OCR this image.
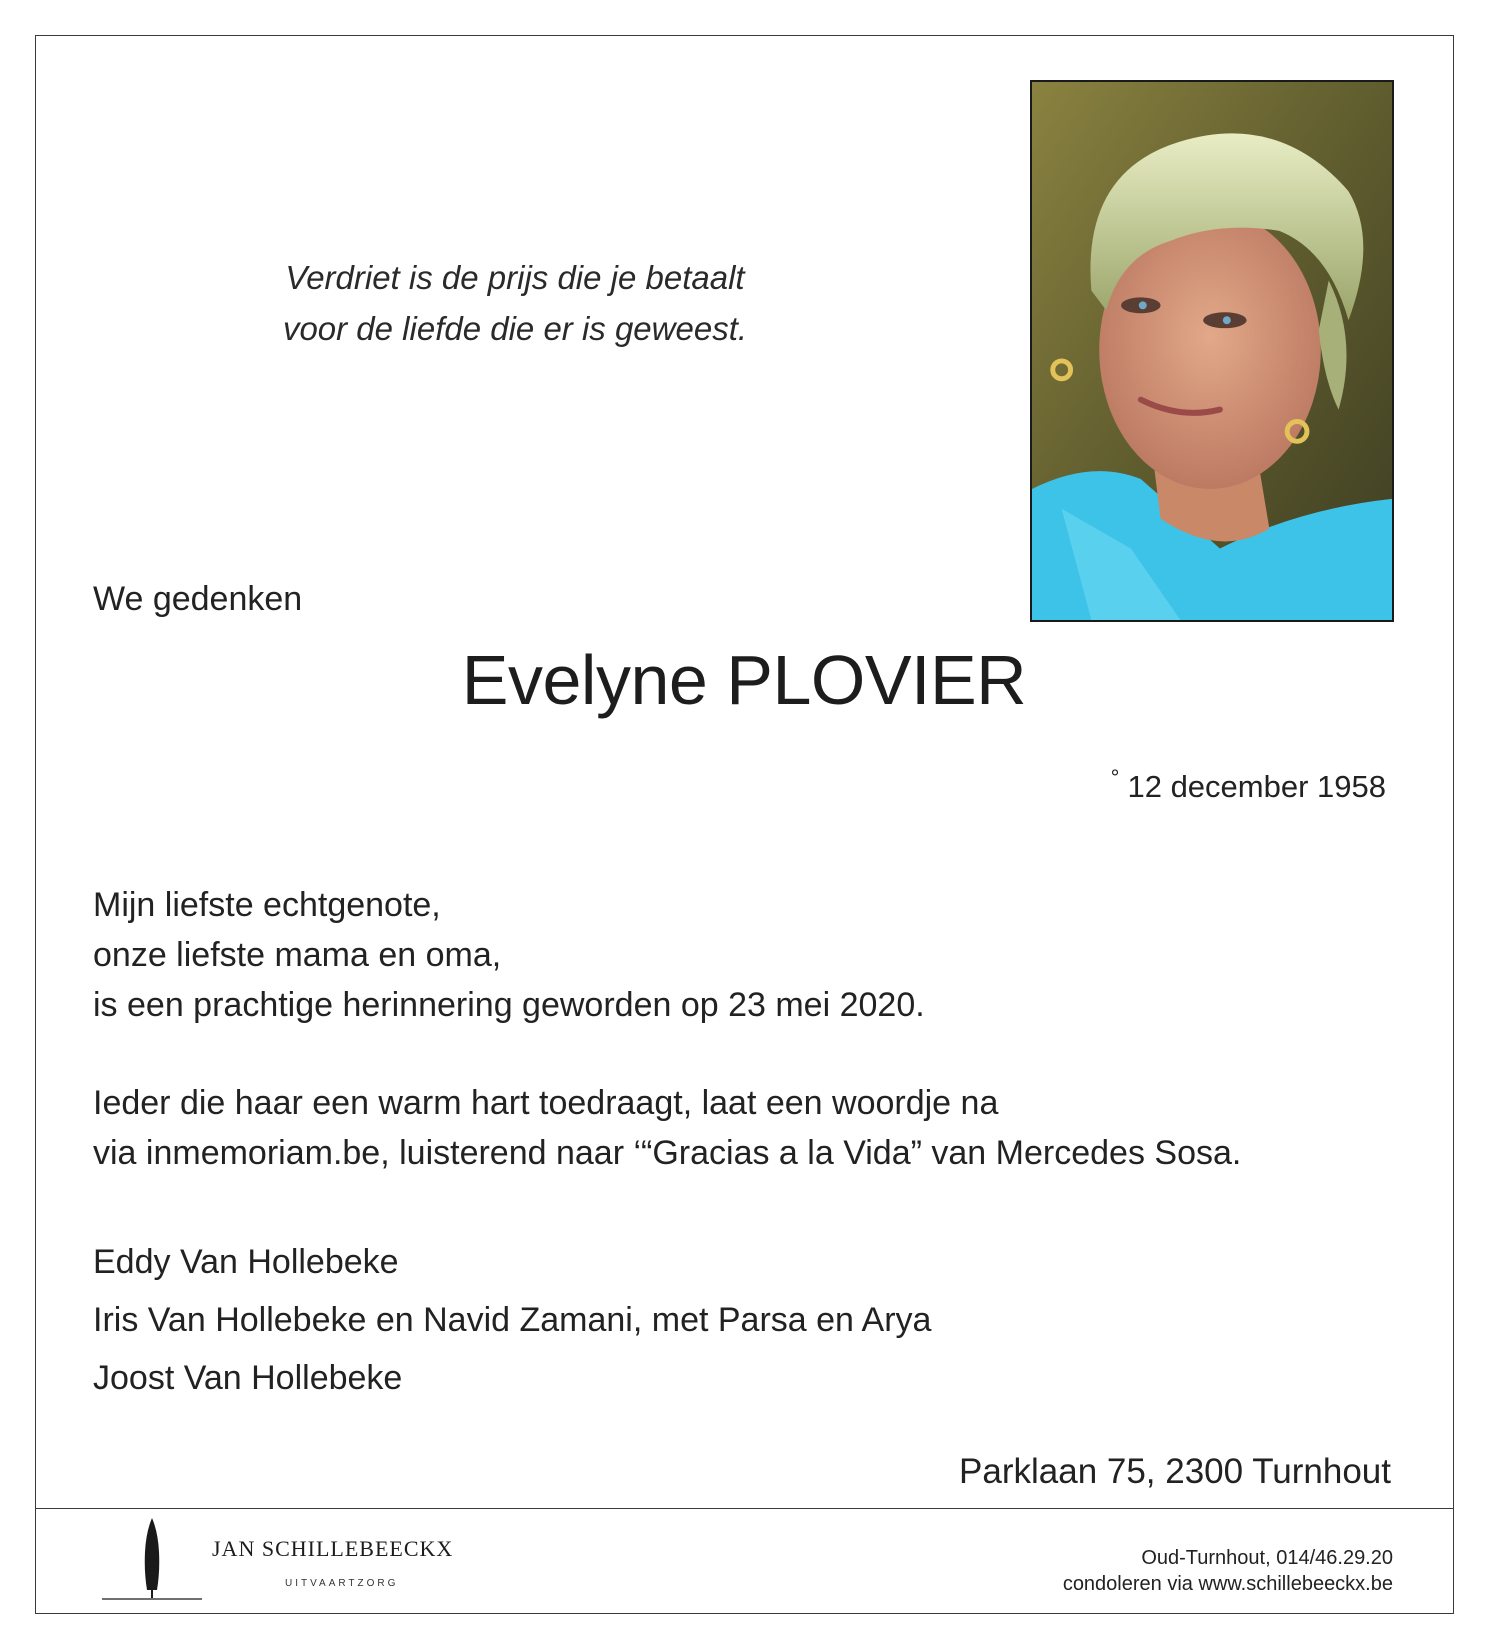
Verdriet is de prijs die je betaalt
voor de liefde die er is geweest.
We gedenken
Evelyne PLOVIER
° 12 december 1958
Mijn liefste echtgenote,
onze liefste mama en oma,
is een prachtige herinnering geworden op 23 mei 2020.
Ieder die haar een warm hart toedraagt, laat een woordje na
via inmemoriam.be, luisterend naar ‘“Gracias a la Vida” van Mercedes Sosa.
Eddy Van Hollebeke
Iris Van Hollebeke en Navid Zamani, met Parsa en Arya
Joost Van Hollebeke
Parklaan 75, 2300 Turnhout
JAN SCHILLEBEECKX
UITVAARTZORG
Oud-Turnhout, 014/46.29.20
condoleren via www.schillebeeckx.be
